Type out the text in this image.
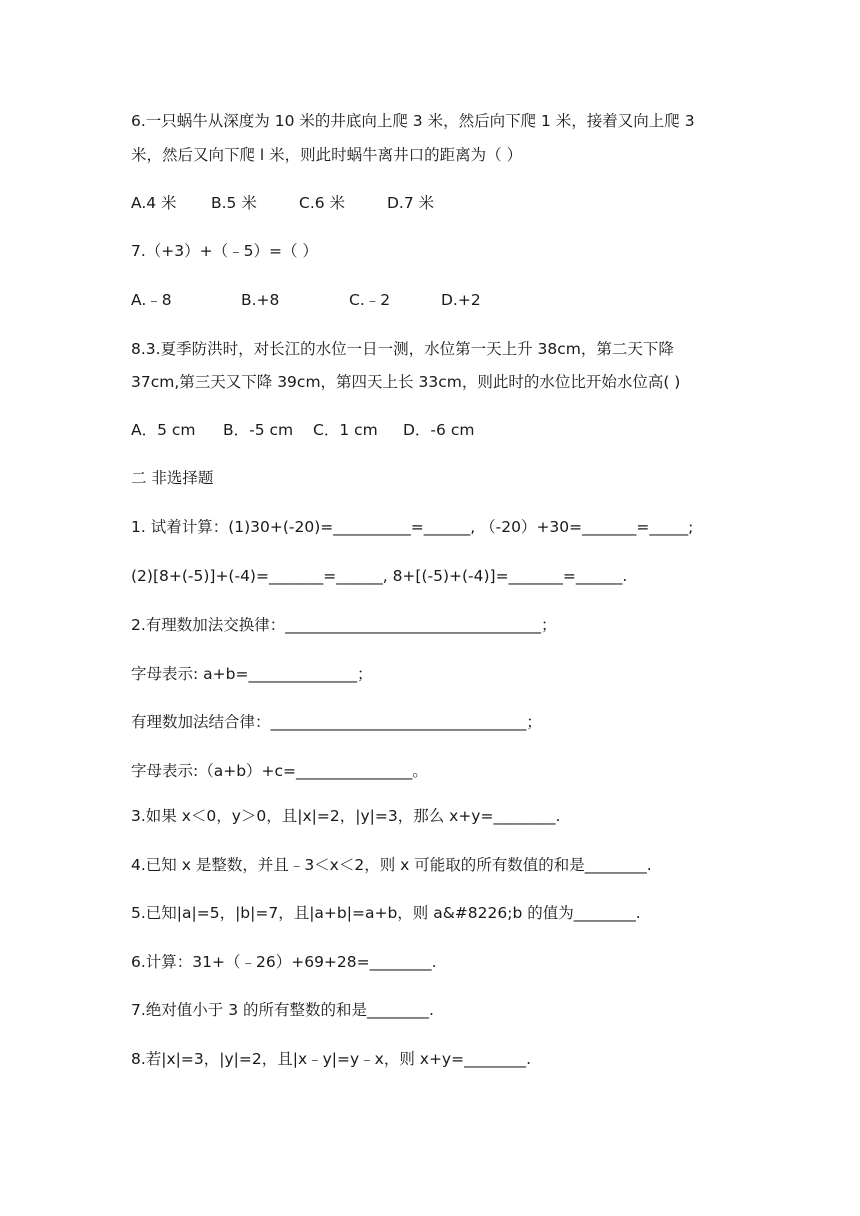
6.一只蜗牛从深度为 10 米的井底向上爬 3 米，然后向下爬 1 米，接着又向上爬 3
米，然后又向下爬 l 米，则此时蜗牛离井口的距离为（ ）
A.4 米	B.5 米	C.6 米	D.7 米
7.（+3）+（﹣5）=（ ）
A.﹣8	B.+8	C.﹣2	D.+2
8.3.夏季防洪时，对长江的水位一日一测，水位第一天上升 38cm，第二天下降
37cm,第三天又下降 39cm，第四天上长 33cm，则此时的水位比开始水位高( )
A．5 cm	B．-5 cm	C．1 cm	D．-6 cm
二 非选择题
1. 试着计算：(1)30+(-20)=__________=______, （-20）+30=_______=_____;
(2)[8+(-5)]+(-4)=_______=______, 8+[(-5)+(-4)]=_______=______.
2.有理数加法交换律：_________________________________；
字母表示: a+b=______________；
有理数加法结合律：_________________________________；
字母表示:（a+b）+c=_______________。
3.如果 x＜0，y＞0，且|x|=2，|y|=3，那么 x+y=________.
4.已知 x 是整数，并且﹣3＜x＜2，则 x 可能取的所有数值的和是________.
5.已知|a|=5，|b|=7，且|a+b|=a+b，则 a&#8226;b 的值为________.
6.计算：31+（﹣26）+69+28=________.
7.绝对值小于 3 的所有整数的和是________.
8.若|x|=3，|y|=2，且|x﹣y|=y﹣x，则 x+y=________.
